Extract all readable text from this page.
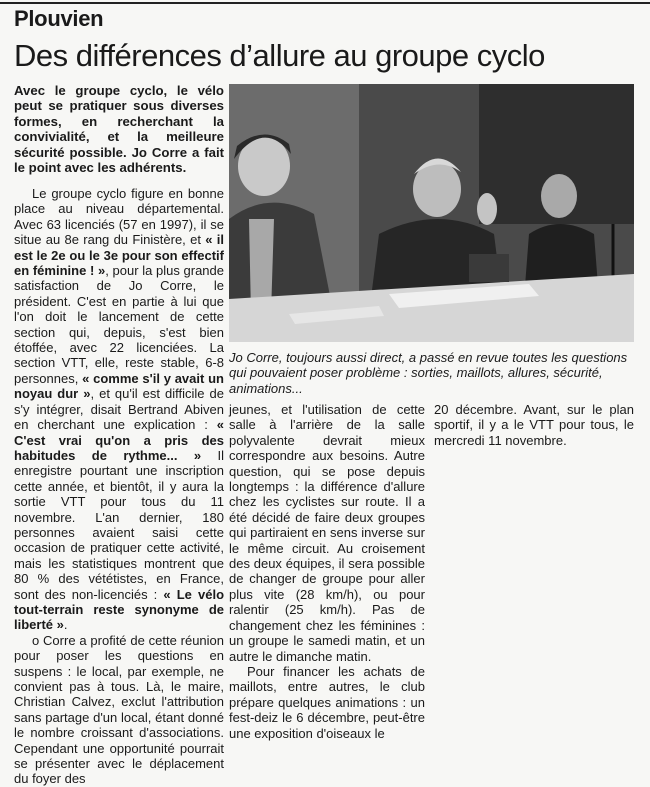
Plouvien
Des différences d’allure au groupe cyclo
Avec le groupe cyclo, le vélo peut se pratiquer sous diverses formes, en recherchant la convivialité, et la meilleure sécurité possible. Jo Corre a fait le point avec les adhérents.
Jo Corre, toujours aussi direct, a passé en revue toutes les questions qui pouvaient poser problème : sorties, maillots, allures, sécurité, animations...

Le groupe cyclo figure en bonne place au niveau départemental. Avec 63 licenciés (57 en 1997), il se situe au 8e rang du Finistère, et « il est le 2e ou le 3e pour son effectif en féminine ! », pour la plus grande satisfaction de Jo Corre, le président. C'est en partie à lui que l'on doit le lancement de cette section qui, depuis, s'est bien étoffée, avec 22 licenciées. La section VTT, elle, reste stable, 6-8 personnes, « comme s'il y avait un noyau dur », et qu'il est difficile de s'y intégrer, disait Bertrand Abiven en cherchant une explication : « C'est vrai qu'on a pris des habitudes de rythme... » Il enregistre pourtant une inscription cette année, et bientôt, il y aura la sortie VTT pour tous du 11 novembre. L'an dernier, 180 personnes avaient saisi cette occasion de pratiquer cette activité, mais les statistiques montrent que 80 % des vététistes, en France, sont des non-licenciés : « Le vélo tout-terrain reste synonyme de liberté ».

o Corre a profité de cette réunion pour poser les questions en suspens : le local, par exemple, ne convient pas à tous. Là, le maire, Christian Calvez, exclut l'attribution sans partage d'un local, étant donné le nombre croissant d'associations. Cependant une opportunité pourrait se présenter avec le déplacement du foyer des

jeunes, et l'utilisation de cette salle à l'arrière de la salle polyvalente devrait mieux correspondre aux besoins. Autre question, qui se pose depuis longtemps : la différence d'allure chez les cyclistes sur route. Il a été décidé de faire deux groupes qui partiraient en sens inverse sur le même circuit. Au croisement des deux équipes, il sera possible de changer de groupe pour aller plus vite (28 km/h), ou pour ralentir (25 km/h). Pas de changement chez les féminines : un groupe le samedi matin, et un autre le dimanche matin.

Pour financer les achats de maillots, entre autres, le club prépare quelques animations : un fest-deiz le 6 décembre, peut-être une exposition d'oiseaux le

20 décembre. Avant, sur le plan sportif, il y a le VTT pour tous, le mercredi 11 novembre.
